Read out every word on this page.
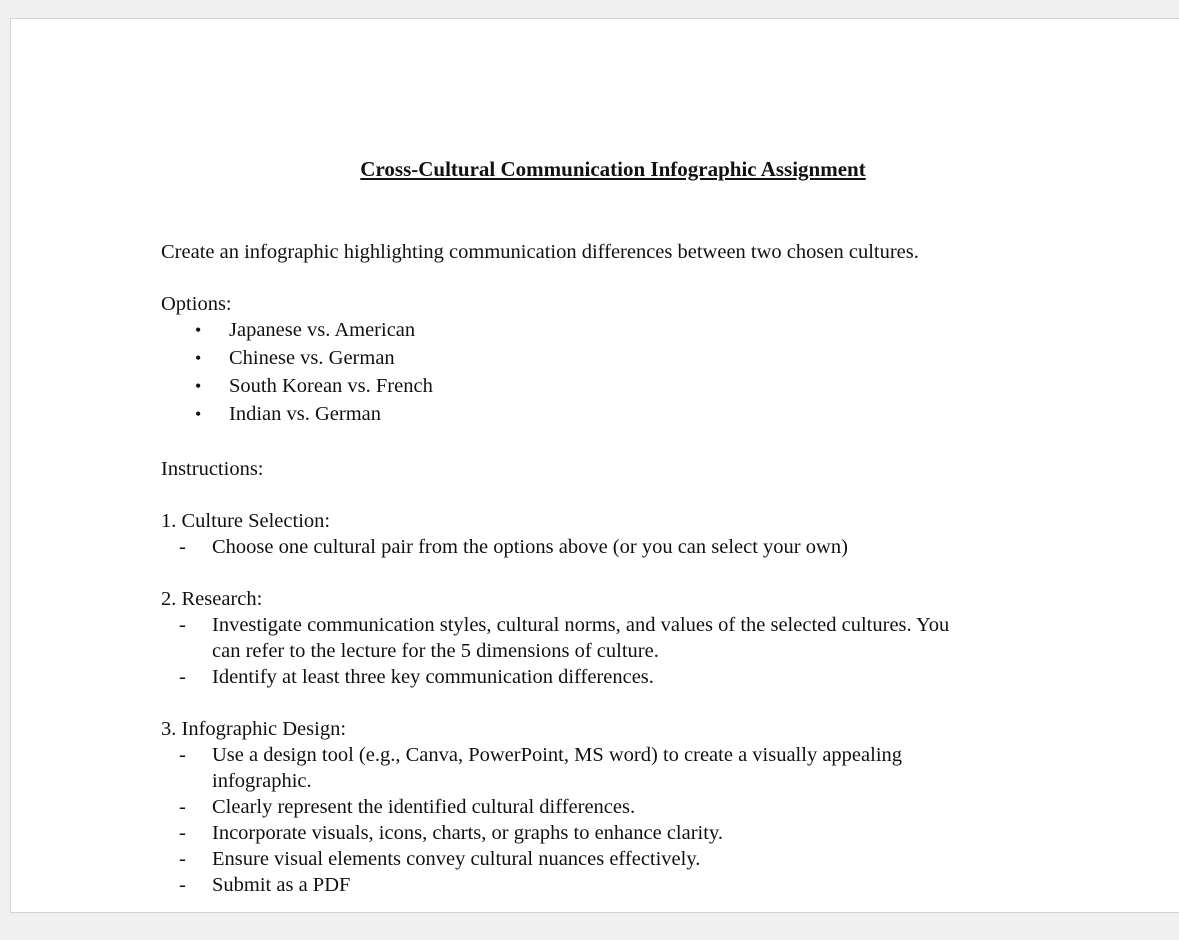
Cross-Cultural Communication Infographic Assignment
Create an infographic highlighting communication differences between two chosen cultures.
Options:
• Japanese vs. American
• Chinese vs. German
• South Korean vs. French
• Indian vs. German
Instructions:
1. Culture Selection:
- Choose one cultural pair from the options above (or you can select your own)
2. Research:
- Investigate communication styles, cultural norms, and values of the selected cultures. You
can refer to the lecture for the 5 dimensions of culture.
- Identify at least three key communication differences.
3. Infographic Design:
- Use a design tool (e.g., Canva, PowerPoint, MS word) to create a visually appealing
infographic.
- Clearly represent the identified cultural differences.
- Incorporate visuals, icons, charts, or graphs to enhance clarity.
- Ensure visual elements convey cultural nuances effectively.
- Submit as a PDF
